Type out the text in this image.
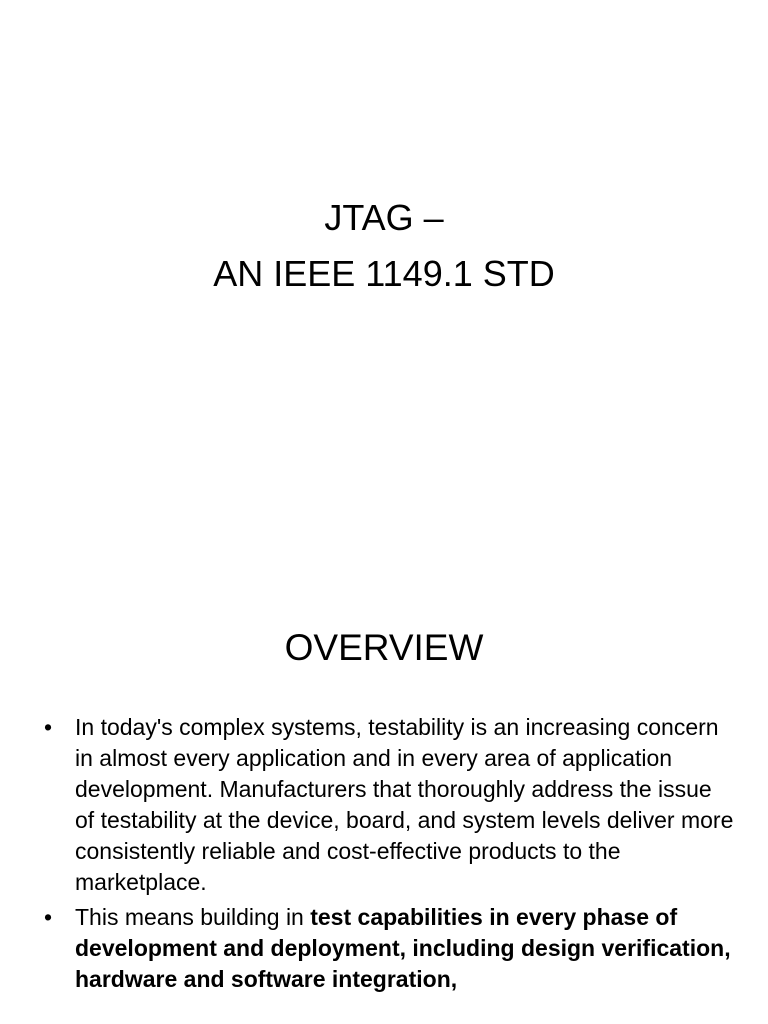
JTAG –
AN IEEE 1149.1 STD
OVERVIEW
• In today's complex systems, testability is an increasing concern in almost every application and in every area of application development. Manufacturers that thoroughly address the issue of testability at the device, board, and system levels deliver more consistently reliable and cost-effective products to the marketplace.
• This means building in test capabilities in every phase of development and deployment, including design verification, hardware and software integration,
